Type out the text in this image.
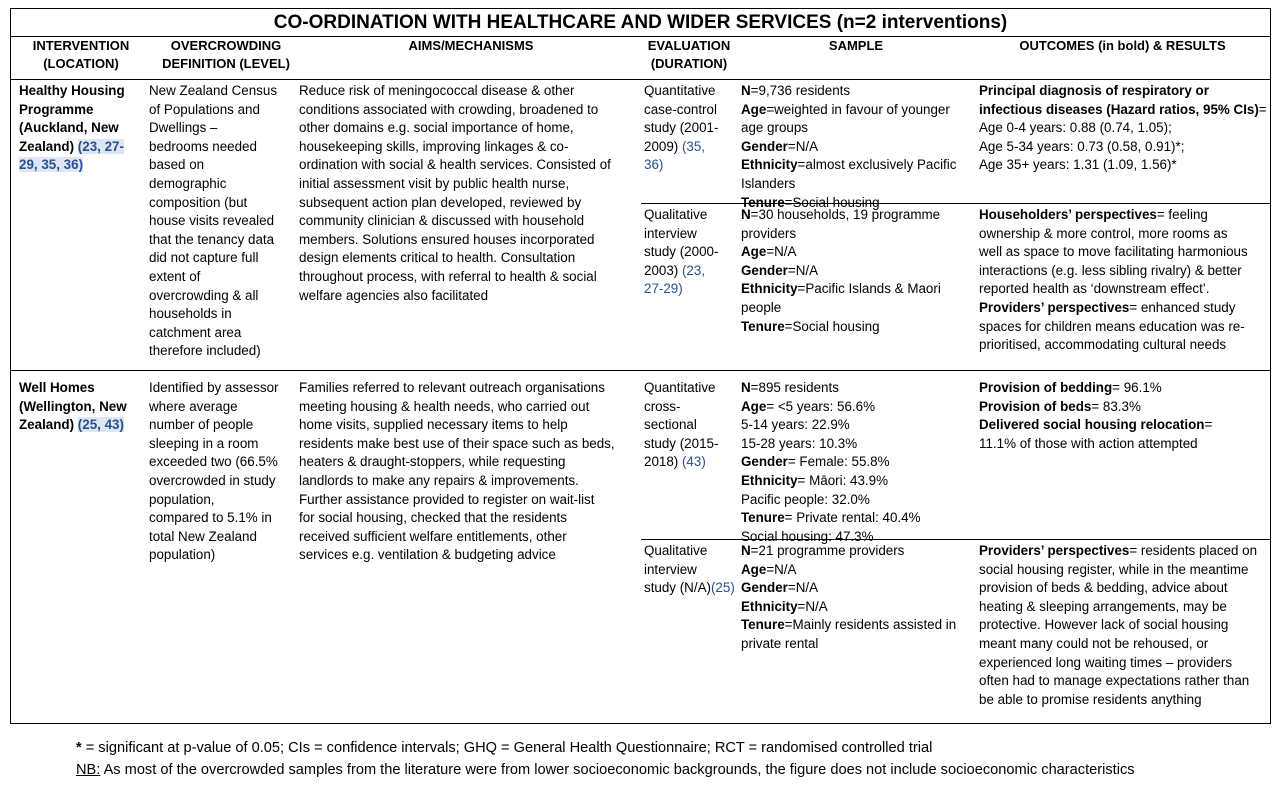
CO-ORDINATION WITH HEALTHCARE AND WIDER SERVICES (n=2 interventions)
INTERVENTION
(LOCATION)
OVERCROWDING
DEFINITION (LEVEL)
AIMS/MECHANISMS	EVALUATION
(DURATION)
SAMPLE	OUTCOMES (in bold) & RESULTS
Healthy Housing
Programme
(Auckland, New
Zealand) (23, 27-
29, 35, 36)
New Zealand Census
of Populations and
Dwellings –
bedrooms needed
based on
demographic
composition (but
house visits revealed
that the tenancy data
did not capture full
extent of
overcrowding & all
households in
catchment area
therefore included)
Reduce risk of meningococcal disease & other
conditions associated with crowding, broadened to
other domains e.g. social importance of home,
housekeeping skills, improving linkages & co-
ordination with social & health services. Consisted of
initial assessment visit by public health nurse,
subsequent action plan developed, reviewed by
community clinician & discussed with household
members. Solutions ensured houses incorporated
design elements critical to health. Consultation
throughout process, with referral to health & social
welfare agencies also facilitated
Quantitative
case-control
study (2001-
2009) (35,
36)
N=9,736 residents
Age=weighted in favour of younger
age groups
Gender=N/A
Ethnicity=almost exclusively Pacific
Islanders
Tenure=Social housing
Principal diagnosis of respiratory or
infectious diseases (Hazard ratios, 95% CIs)=
Age 0-4 years: 0.88 (0.74, 1.05);
Age 5-34 years: 0.73 (0.58, 0.91)*;
Age 35+ years: 1.31 (1.09, 1.56)*
Qualitative
interview
study (2000-
2003) (23,
27-29)
N=30 households, 19 programme
providers
Age=N/A
Gender=N/A
Ethnicity=Pacific Islands & Maori
people
Tenure=Social housing
Householders’ perspectives= feeling
ownership & more control, more rooms as
well as space to move facilitating harmonious
interactions (e.g. less sibling rivalry) & better
reported health as ‘downstream effect’.
Providers’ perspectives= enhanced study
spaces for children means education was re-
prioritised, accommodating cultural needs
Well Homes
(Wellington, New
Zealand) (25, 43)
Identified by assessor
where average
number of people
sleeping in a room
exceeded two (66.5%
overcrowded in study
population,
compared to 5.1% in
total New Zealand
population)
Families referred to relevant outreach organisations
meeting housing & health needs, who carried out
home visits, supplied necessary items to help
residents make best use of their space such as beds,
heaters & draught-stoppers, while requesting
landlords to make any repairs & improvements.
Further assistance provided to register on wait-list
for social housing, checked that the residents
received sufficient welfare entitlements, other
services e.g. ventilation & budgeting advice
Quantitative
cross-
sectional
study (2015-
2018) (43)
N=895 residents
Age= <5 years: 56.6%
5-14 years: 22.9%
15-28 years: 10.3%
Gender= Female: 55.8%
Ethnicity= Māori: 43.9%
Pacific people: 32.0%
Tenure= Private rental: 40.4%
Social housing: 47.3%
Provision of bedding= 96.1%
Provision of beds= 83.3%
Delivered social housing relocation=
11.1% of those with action attempted
Qualitative
interview
study (N/A)(25)
N=21 programme providers
Age=N/A
Gender=N/A
Ethnicity=N/A
Tenure=Mainly residents assisted in
private rental
Providers’ perspectives= residents placed on
social housing register, while in the meantime
provision of beds & bedding, advice about
heating & sleeping arrangements, may be
protective. However lack of social housing
meant many could not be rehoused, or
experienced long waiting times – providers
often had to manage expectations rather than
be able to promise residents anything
* = significant at p-value of 0.05; CIs = confidence intervals; GHQ = General Health Questionnaire; RCT = randomised controlled trial
NB: As most of the overcrowded samples from the literature were from lower socioeconomic backgrounds, the figure does not include socioeconomic characteristics
